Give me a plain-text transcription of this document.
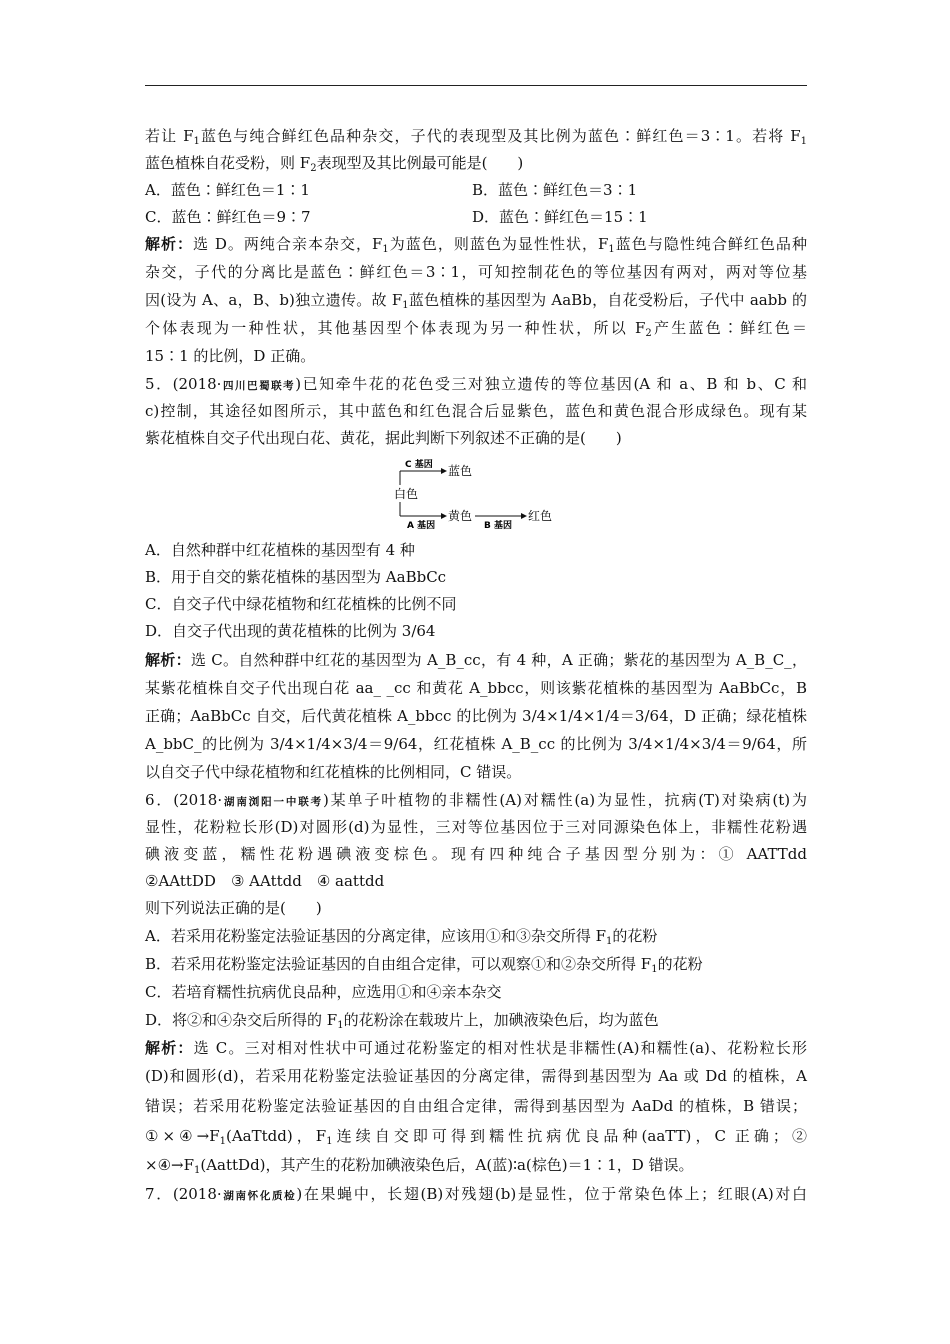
若让 $F_1$蓝色与纯合鲜红色品种杂交，子代的表现型及其比例为蓝色∶鲜红色＝3∶1。若将 $F_1$
蓝色植株自花受粉，则 $F_2$表现型及其比例最可能是(　　)
A．蓝色∶鲜红色＝1∶1	B．蓝色∶鲜红色＝3∶1
C．蓝色∶鲜红色＝9∶7	D．蓝色∶鲜红色＝15∶1
解析：选 D。两纯合亲本杂交，$F_1$为蓝色，则蓝色为显性性状，$F_1$蓝色与隐性纯合鲜红色品种
杂交，子代的分离比是蓝色∶鲜红色＝3∶1，可知控制花色的等位基因有两对，两对等位基
因(设为 A、a，B、b)独立遗传。故 $F_1$蓝色植株的基因型为 AaBb，自花受粉后，子代中 aabb 的
个体表现为一种性状，其他基因型个体表现为另一种性状，所以 $F_2$产生蓝色∶鲜红色＝
15∶1 的比例，D 正确。
5．(2018·四川巴蜀联考)已知牵牛花的花色受三对独立遗传的等位基因(A 和 a、B 和 b、C 和
c)控制，其途径如图所示，其中蓝色和红色混合后显紫色，蓝色和黄色混合形成绿色。现有某
紫花植株自交子代出现白花、黄花，据此判断下列叙述不正确的是(　　)
白色
C 基因 蓝色
A 基因
黄色
B 基因
红色
A．自然种群中红花植株的基因型有 4 种
B．用于自交的紫花植株的基因型为 AaBbCc
C．自交子代中绿花植物和红花植株的比例不同
D．自交子代出现的黄花植株的比例为 3/64
解析：选 C。自然种群中红花的基因型为 A_B_cc，有 4 种，A 正确；紫花的基因型为 A_B_C_，
某紫花植株自交子代出现白花 aa_ _cc 和黄花 A_bbcc，则该紫花植株的基因型为 AaBbCc，B
正确；AaBbCc 自交，后代黄花植株 A_bbcc 的比例为 3/4×1/4×1/4＝3/64，D 正确；绿花植株
A_bbC_的比例为 3/4×1/4×3/4＝9/64，红花植株 A_B_cc 的比例为 3/4×1/4×3/4＝9/64，所
以自交子代中绿花植物和红花植株的比例相同，C 错误。
6．(2018·湖南浏阳一中联考)某单子叶植物的非糯性(A)对糯性(a)为显性，抗病(T)对染病(t)为
显性，花粉粒长形(D)对圆形(d)为显性，三对等位基因位于三对同源染色体上，非糯性花粉遇
碘液变蓝，糯性花粉遇碘液变棕色。现有四种纯合子基因型分别为：① AATTdd
②AAttDD　③ AAttdd　④ aattdd
则下列说法正确的是(　　)
A．若采用花粉鉴定法验证基因的分离定律，应该用①和③杂交所得 $F_1$的花粉
B．若采用花粉鉴定法验证基因的自由组合定律，可以观察①和②杂交所得 $F_1$的花粉
C．若培育糯性抗病优良品种，应选用①和④亲本杂交
D．将②和④杂交后所得的 $F_1$的花粉涂在载玻片上，加碘液染色后，均为蓝色
解析：选 C。三对相对性状中可通过花粉鉴定的相对性状是非糯性(A)和糯性(a)、花粉粒长形
(D)和圆形(d)，若采用花粉鉴定法验证基因的分离定律，需得到基因型为 Aa 或 Dd 的植株，A
错误；若采用花粉鉴定法验证基因的自由组合定律，需得到基因型为 AaDd 的植株，B 错误；
$①\times ④\to F_1(AaTtdd)$，$F_1$连续自交即可得到糯性抗病优良品种(aaTT)，C 正确；②
$\times ④\to F_1(AattDd)$，其产生的花粉加碘液染色后，A(蓝)∶a(棕色)＝1∶1，D 错误。
7．(2018·湖南怀化质检)在果蝇中，长翅(B)对残翅(b)是显性，位于常染色体上；红眼(A)对白
